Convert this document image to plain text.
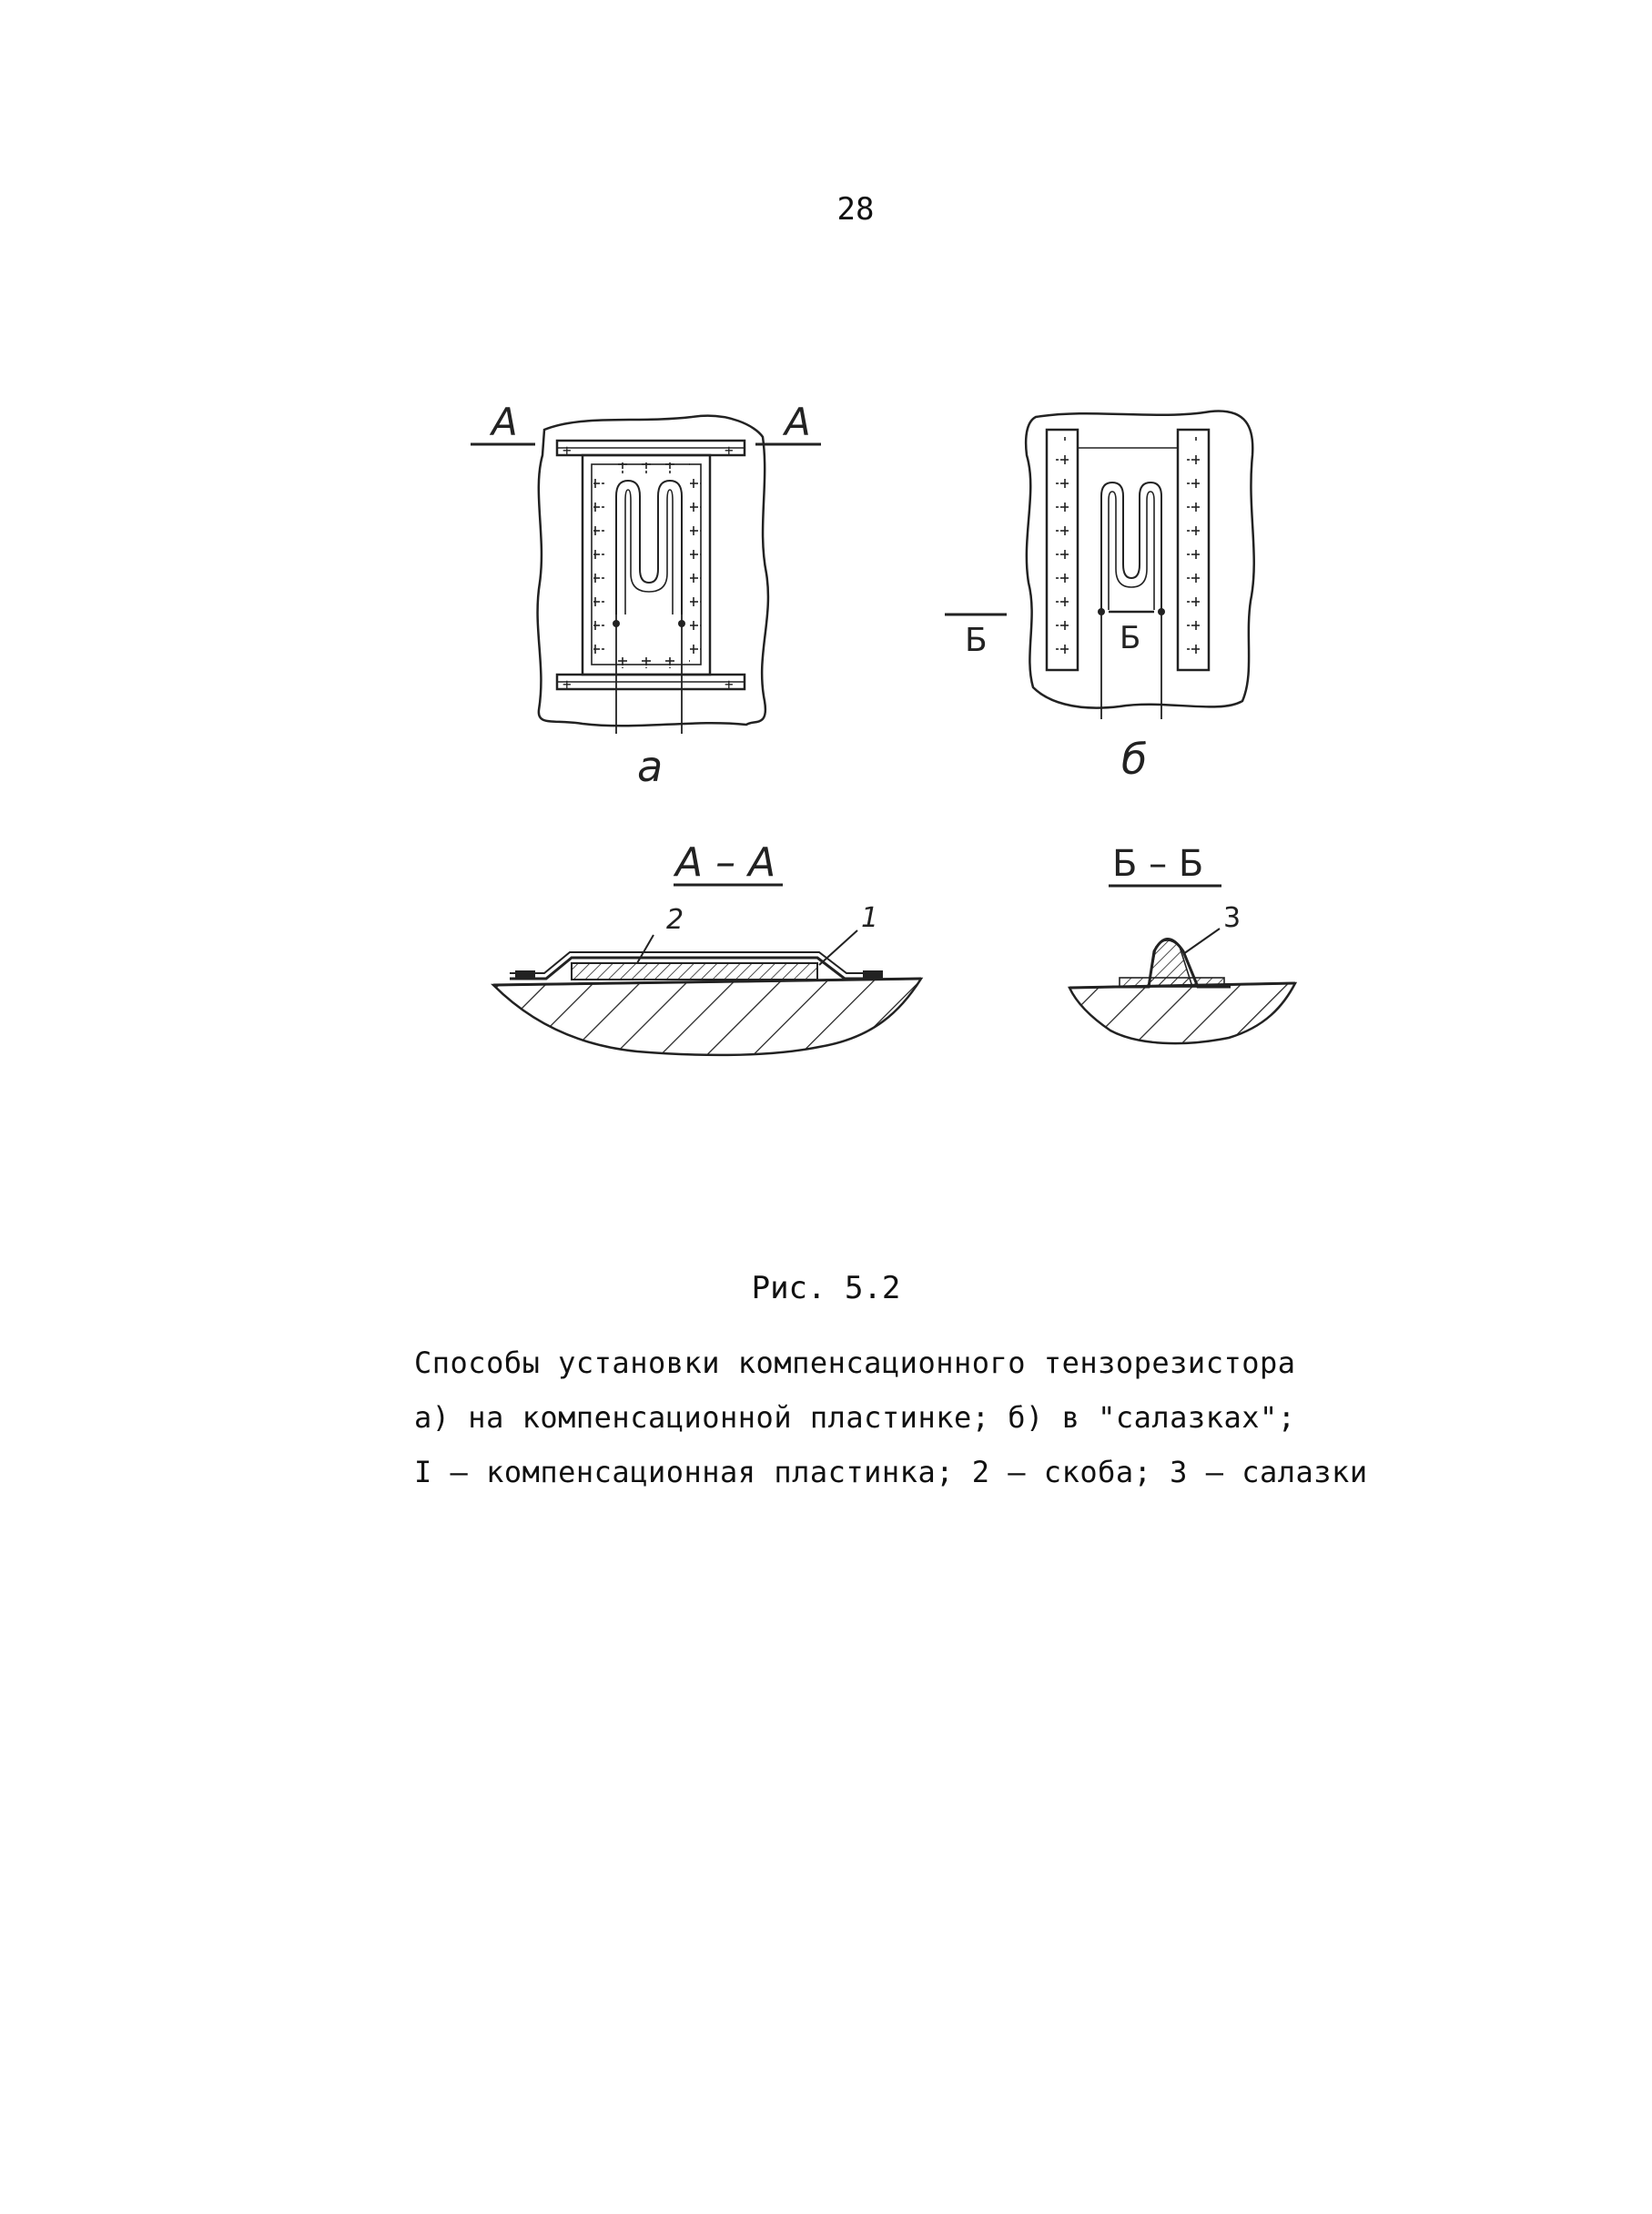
28
А	А
+	+
+	+
а
Б
Б
б
А – А
2	1
Б – Б
3
Рис. 5.2
Способы установки компенсационного тензорезистора
а) на компенсационной пластинке; б) в "салазках";
I – компенсационная пластинка; 2 – скоба; 3 – салазки
